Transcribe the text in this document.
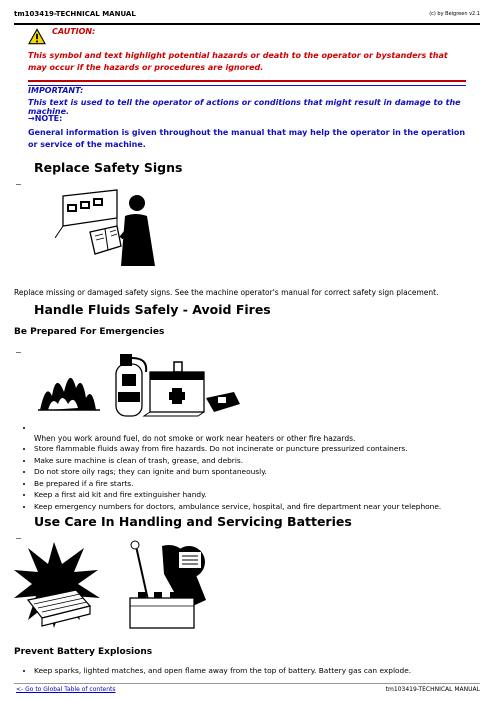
tm103419-TECHNICAL MANUAL	(c) by Beigreen v2.1
CAUTION:
This symbol and text highlight potential hazards or death to the operator or bystanders that may occur if the hazards or procedures are ignored.
IMPORTANT:
This text is used to tell the operator of actions or conditions that might result in damage to the machine.
→NOTE:
General information is given throughout the manual that may help the operator in the operation or service of the machine.
Replace Safety Signs
Replace missing or damaged safety signs. See the machine operator's manual for correct safety sign placement.
Handle Fluids Safely - Avoid Fires
Be Prepared For Emergencies
When you work around fuel, do not smoke or work near heaters or other fire hazards.
• Store flammable fluids away from fire hazards. Do not incinerate or puncture pressurized containers.
• Make sure machine is clean of trash, grease, and debris.
• Do not store oily rags; they can ignite and burn spontaneously.
• Be prepared if a fire starts.
• Keep a first aid kit and fire extinguisher handy.
• Keep emergency numbers for doctors, ambulance service, hospital, and fire department near your telephone.
Use Care In Handling and Servicing Batteries
Prevent Battery Explosions
• Keep sparks, lighted matches, and open flame away from the top of battery. Battery gas can explode.
<- Go to Global Table of contents	tm103419-TECHNICAL MANUAL
